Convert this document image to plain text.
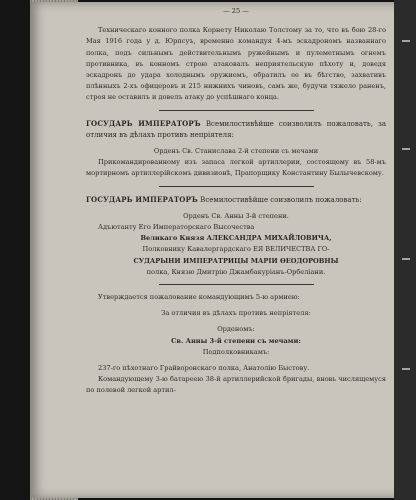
— 25 —

Техническаго конного полка Корнету Николаю Толстому за то, что въ бою 28-го Мая 1916 года у д. Юрпсуъ, временно командуя 4-мъ эскадрономъ названнаго полка, подъ сильнымъ действительнымъ ружейнымъ и пулеметнымъ огнемъ противника, въ конномъ строю атаковалъ неприятельскую пѣхоту и, доведя эскадронъ до удара холоднымъ оружиемъ, обратилъ ее въ бѣгство, захвативъ плѣнныхъ 2-хъ офицеровъ и 215 нижнихъ чиновъ, самъ же, будучи тяжело раненъ, строя не оставилъ и довелъ атаку до успѣшнаго конца.

ГОСУДАРЬ ИМПЕРАТОРЪ Всемилостивѣйше соизволилъ пожаловать, за отличия въ дѣлахъ противъ непріятеля:

Орденъ Св. Станислава 2-й степени съ мечами

Прикомандированному изъ запаса легкой артиллерии, состоящему въ 58-мъ мортирномъ артиллерійскомъ дивизионѣ, Прапорщику Константину Былычевскому.

ГОСУДАРЬ ИМПЕРАТОРЪ Всемилостивѣйше соизволилъ пожаловать:

Орденъ Св. Анны 3-й степени.

Адъютанту Его Императорскаго Высочества

Великаго Князя АЛЕКСАНДРА МИХАЙЛОВИЧА,

Полковнику Кавалергардскаго ЕЯ ВЕЛИЧЕСТВА ГО-

СУДАРЫНИ ИМПЕРАТРИЦЫ МАРІИ ѲЕОДОРОВНЫ

полка, Князю Дмитрію Джамбакуріанъ-Орбеліани.

Утверждается пожалование командующимъ 5-ю армиею:

За отличия въ дѣлахъ противъ непріятеля:

Орденомъ:

Св. Анны 3-й степени съ мечами:

Подполковникамъ:

237-го пѣхотнаго Грайворонскаго полка, Анатолію Быстову.

Командующему 3-ю батареею 38-й артиллерийской бригады, вновь числящемуся по полевой легкой артил-
